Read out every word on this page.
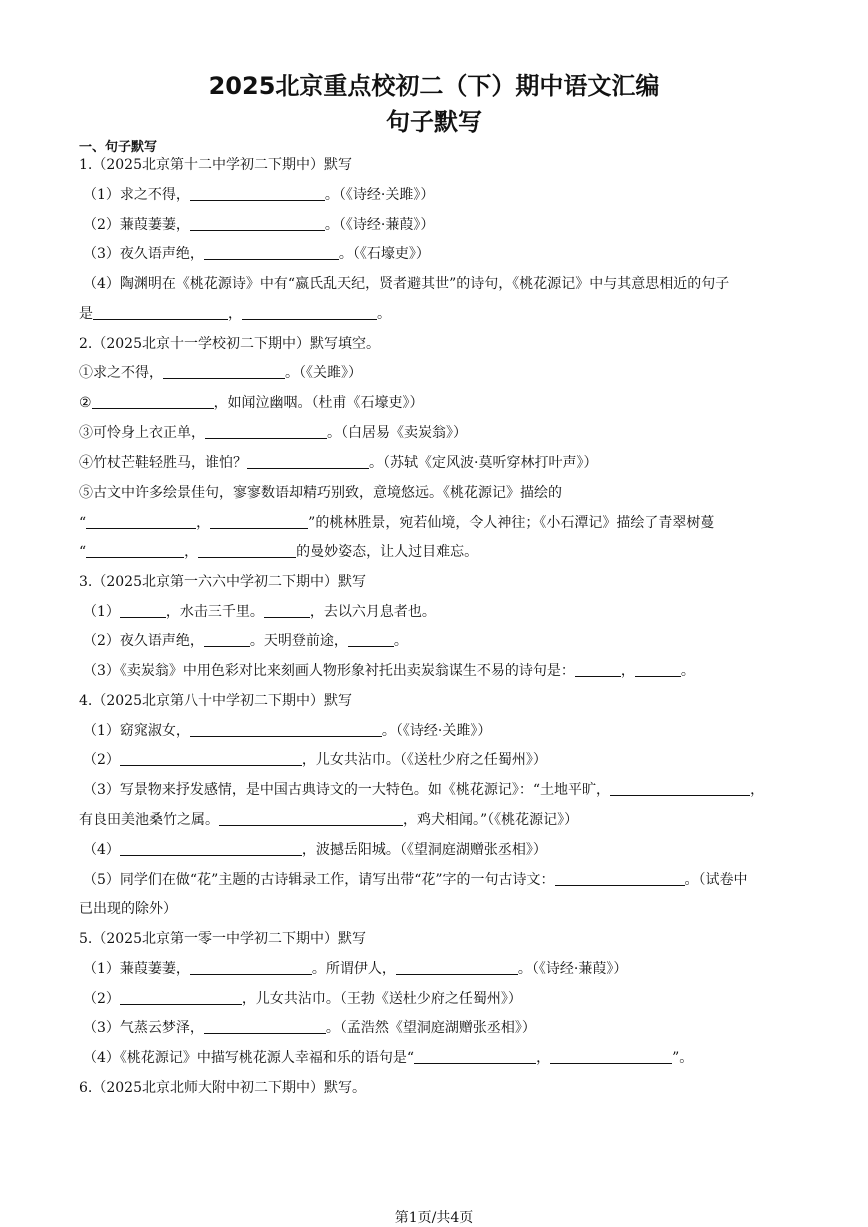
2025北京重点校初二（下）期中语文汇编
句子默写
一、句子默写
1.（2025北京第十二中学初二下期中）默写
（1）求之不得，	。（《诗经·关雎》）
（2）蒹葭萋萋，	。（《诗经·蒹葭》）
（3）夜久语声绝，	。（《石壕吏》）
（4）陶渊明在《桃花源诗》中有“嬴氏乱天纪，贤者避其世”的诗句，《桃花源记》中与其意思相近的句子
是	，	。
2.（2025北京十一学校初二下期中）默写填空。
①求之不得，	。（《关雎》）
②	，如闻泣幽咽。（杜甫《石壕吏》）
③可怜身上衣正单，	。（白居易《卖炭翁》）
④竹杖芒鞋轻胜马，谁怕？	。（苏轼《定风波·莫听穿林打叶声》）
⑤古文中许多绘景佳句，寥寥数语却精巧别致，意境悠远。《桃花源记》描绘的
“	，	”的桃林胜景，宛若仙境，令人神往；《小石潭记》描绘了青翠树蔓
“	，	的曼妙姿态，让人过目难忘。
3.（2025北京第一六六中学初二下期中）默写
（1）	，水击三千里。	，去以六月息者也。
（2）夜久语声绝，	。天明登前途，	。
（3）《卖炭翁》中用色彩对比来刻画人物形象衬托出卖炭翁谋生不易的诗句是：	，	。
4.（2025北京第八十中学初二下期中）默写
（1）窈窕淑女，	。（《诗经·关雎》）
（2）	，儿女共沾巾。（《送杜少府之任蜀州》）
（3）写景物来抒发感情，是中国古典诗文的一大特色。如《桃花源记》：“土地平旷，	，
有良田美池桑竹之属。	，鸡犬相闻。”（《桃花源记》）
（4）	，波撼岳阳城。（《望洞庭湖赠张丞相》）
（5）同学们在做“花”主题的古诗辑录工作，请写出带“花”字的一句古诗文：	。（试卷中
已出现的除外）
5.（2025北京第一零一中学初二下期中）默写
（1）蒹葭萋萋，	。所谓伊人，	。（《诗经·蒹葭》）
（2）	，儿女共沾巾。（王勃《送杜少府之任蜀州》）
（3）气蒸云梦泽，	。（孟浩然《望洞庭湖赠张丞相》）
（4）《桃花源记》中描写桃花源人幸福和乐的语句是“	，	”。
6.（2025北京北师大附中初二下期中）默写。
第1页/共4页
